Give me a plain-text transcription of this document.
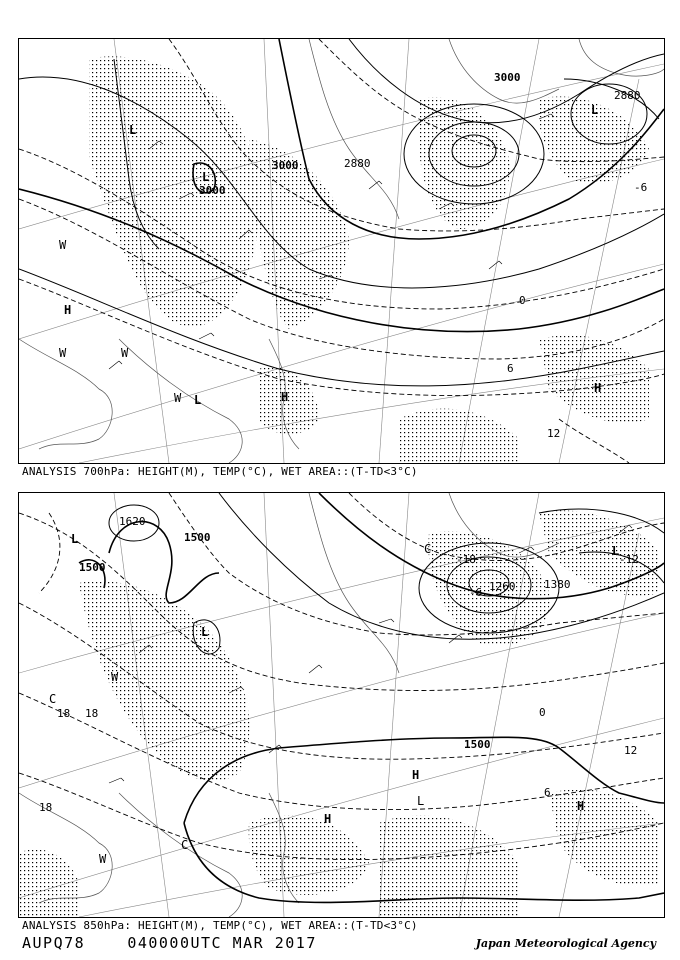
3000
3000
3000
2880
2880
0
-6
6
12
L
L
L
L
H
H
H
W
W	W
W
ANALYSIS 700hPa: HEIGHT(M), TEMP(°C), WET AREA::(T-TD<3°C)
1620
1500
1500
1500
1380
1260
0
-6
6
12
18 18
18
-12
-18
L
L
L
L
H
H
H
W
W
C
C
C
ANALYSIS 850hPa: HEIGHT(M), TEMP(°C), WET AREA::(T-TD<3°C)
AUPQ78	040000UTC MAR 2017	Japan Meteorological Agency
